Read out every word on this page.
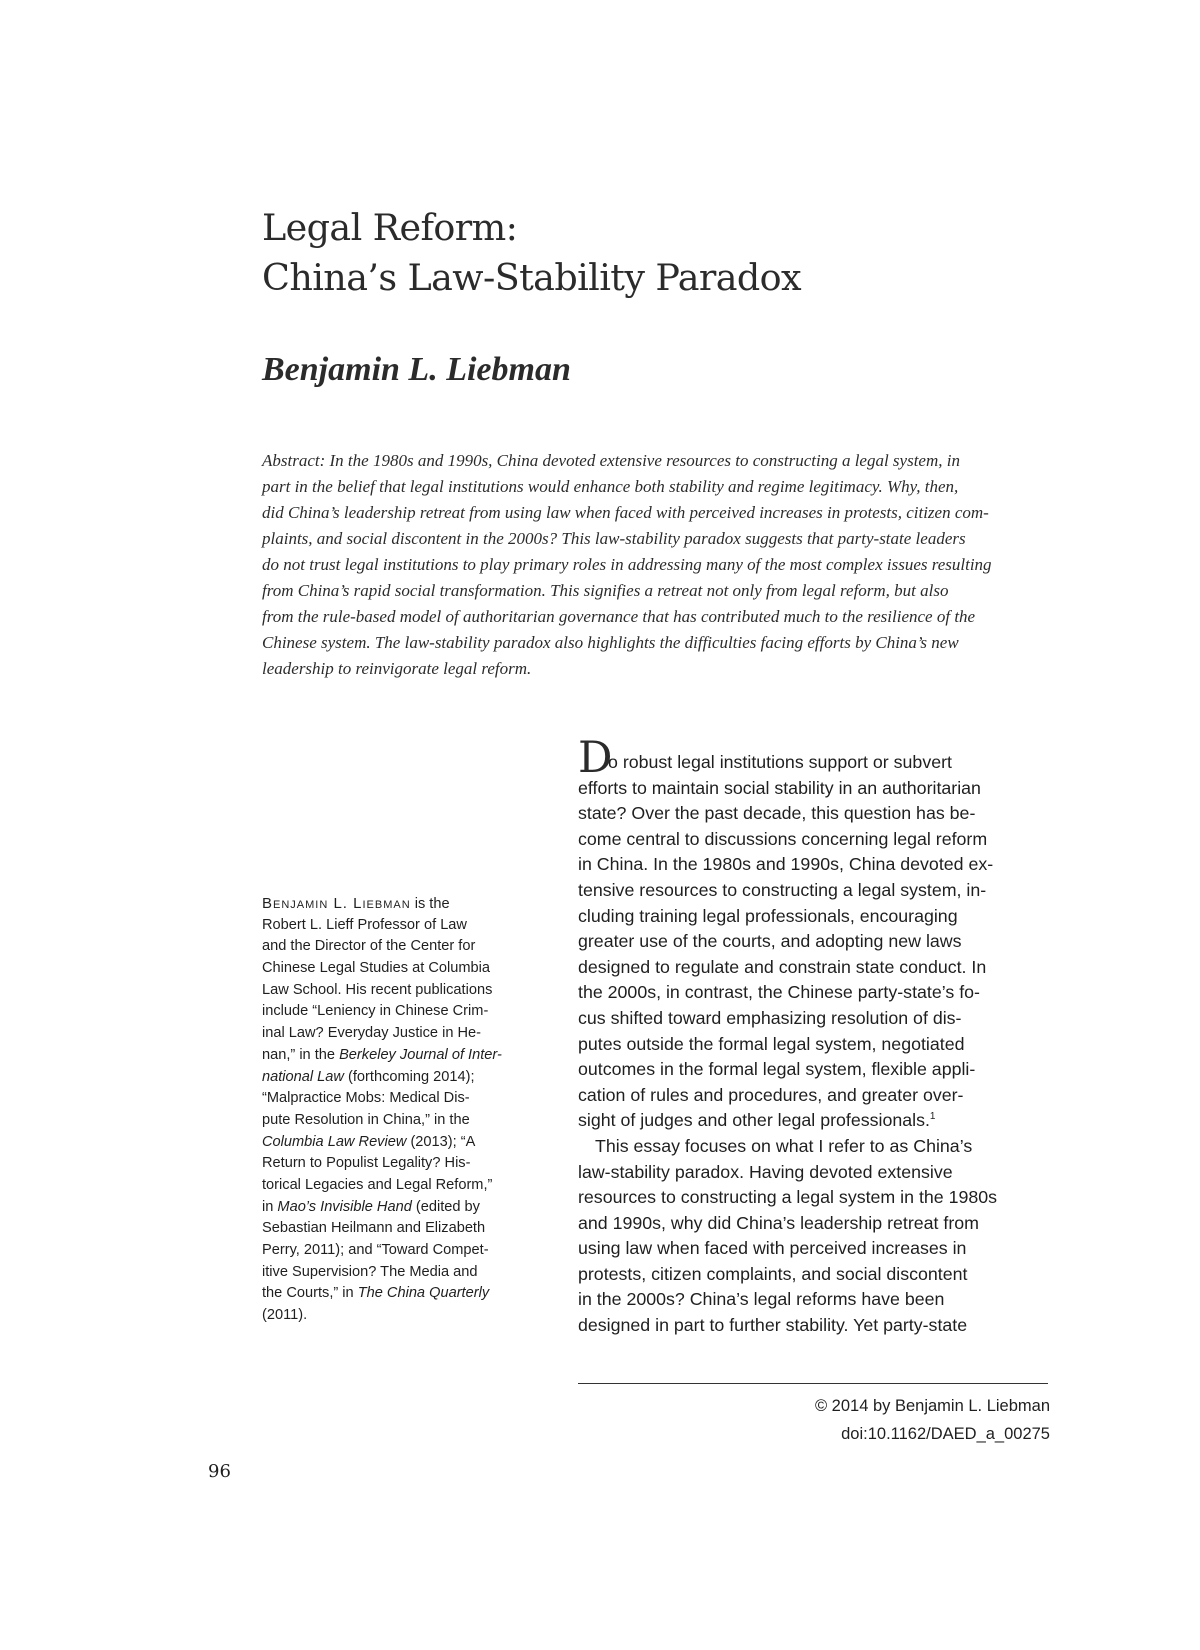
Legal Reform:
China’s Law-Stability Paradox
Benjamin L. Liebman
Abstract: In the 1980s and 1990s, China devoted extensive resources to constructing a legal system, in
part in the belief that legal institutions would enhance both stability and regime legitimacy. Why, then,
did China’s leadership retreat from using law when faced with perceived increases in protests, citizen com-
plaints, and social discontent in the 2000s? This law-stability paradox suggests that party-state leaders
do not trust legal institutions to play primary roles in addressing many of the most complex issues resulting
from China’s rapid social transformation. This signifies a retreat not only from legal reform, but also
from the rule-based model of authoritarian governance that has contributed much to the resilience of the
Chinese system. The law-stability paradox also highlights the difficulties facing efforts by China’s new
leadership to reinvigorate legal reform.
Benjamin L. Liebman is the
Robert L. Lieff Professor of Law
and the Director of the Center for
Chinese Legal Studies at Columbia
Law School. His recent publications
include “Leniency in Chinese Crim-
inal Law? Everyday Justice in He-
nan,” in the Berkeley Journal of Inter-
national Law (forthcoming 2014);
“Malpractice Mobs: Medical Dis-
pute Resolution in China,” in the
Columbia Law Review (2013); “A
Return to Populist Legality? His-
torical Legacies and Legal Reform,”
in Mao’s Invisible Hand (edited by
Sebastian Heilmann and Elizabeth
Perry, 2011); and “Toward Compet-
itive Supervision? The Media and
the Courts,” in The China Quarterly
(2011).
D
o robust legal institutions support or subvert
efforts to maintain social stability in an authoritarian
state? Over the past decade, this question has be-
come central to discussions concerning legal reform
in China. In the 1980s and 1990s, China devoted ex-
tensive resources to constructing a legal system, in-
cluding training legal professionals, encouraging
greater use of the courts, and adopting new laws
designed to regulate and constrain state conduct. In
the 2000s, in contrast, the Chinese party-state’s fo-
cus shifted toward emphasizing resolution of dis-
putes outside the formal legal system, negotiated
outcomes in the formal legal system, flexible appli-
cation of rules and procedures, and greater over-
sight of judges and other legal professionals.$^1$
This essay focuses on what I refer to as China’s
law-stability paradox. Having devoted extensive
resources to constructing a legal system in the 1980s
and 1990s, why did China’s leadership retreat from
using law when faced with perceived increases in
protests, citizen complaints, and social discontent
in the 2000s? China’s legal reforms have been
designed in part to further stability. Yet party-state
© 2014 by Benjamin L. Liebman
doi:10.1162/DAED_a_00275
96
